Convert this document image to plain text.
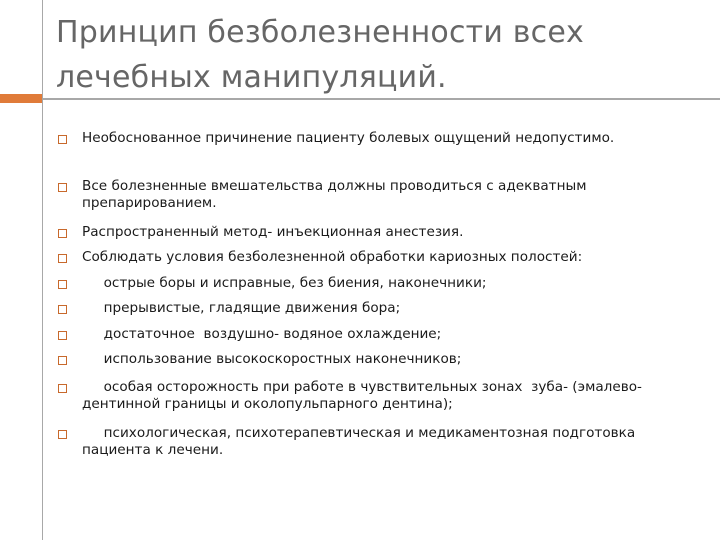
Принцип безболезненности всех лечебных манипуляций.

Необоснованное причинение пациенту болевых ощущений недопустимо.

Все болезненные вмешательства должны проводиться с адекватным препарированием.

Распространенный метод- инъекционная анестезия.

Соблюдать условия безболезненной обработки кариозных полостей:

острые боры и исправные, без биения, наконечники;

прерывистые, гладящие движения бора;

достаточное  воздушно- водяное охлаждение;

использование высокоскоростных наконечников;

особая осторожность при работе в чувствительных зонах  зуба- (эмалево- дентинной границы и околопульпарного дентина);

психологическая, психотерапевтическая и медикаментозная подготовка пациента к лечени.
